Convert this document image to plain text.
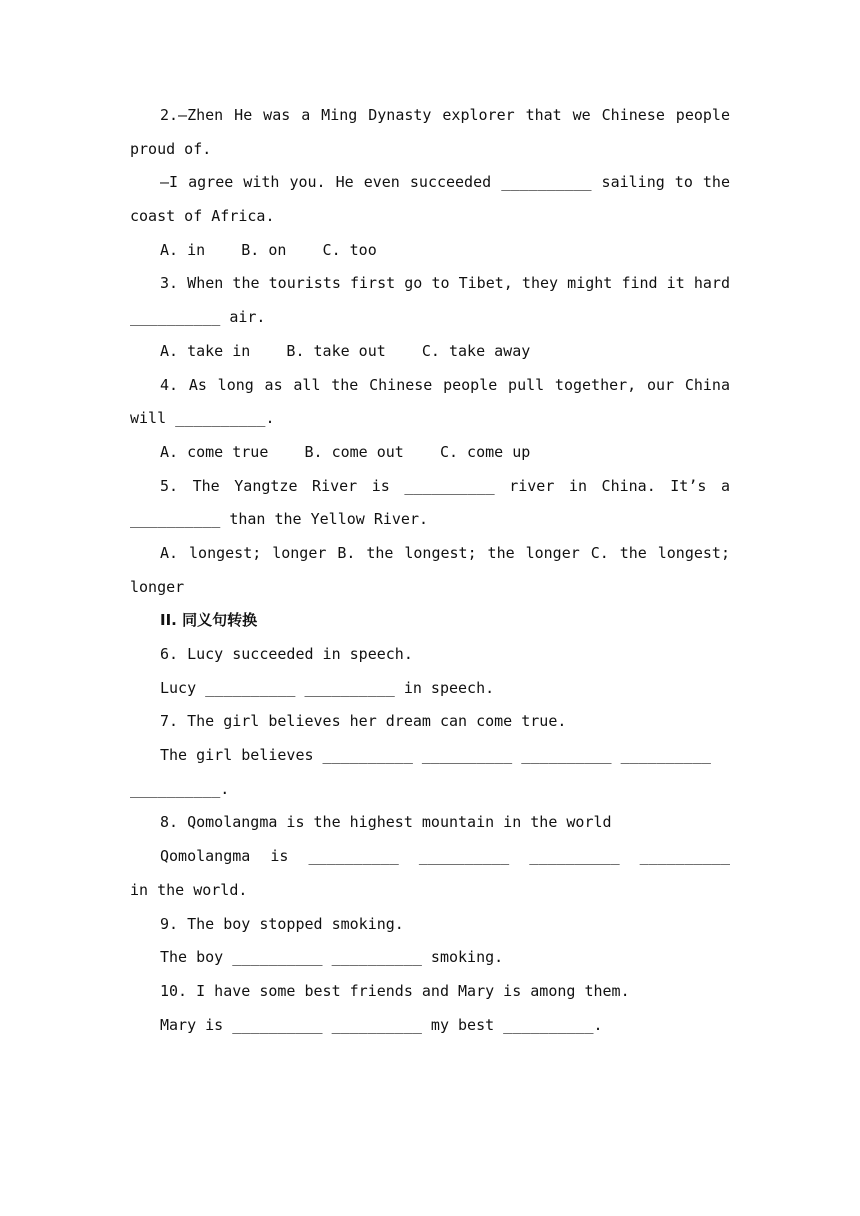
2.—Zhen He was a Ming Dynasty explorer that we Chinese people
proud of.
—I agree with you. He even succeeded __________ sailing to the
coast of Africa.
A. in    B. on    C. too
3. When the tourists first go to Tibet, they might find it hard
__________ air.
A. take in    B. take out    C. take away
4. As long as all the Chinese people pull together, our China
will __________.
A. come true    B. come out    C. come up
5. The Yangtze River is __________ river in China. It’s a
__________ than the Yellow River.
A. longest; longer B. the longest; the longer C. the longest;
longer
II. 同义句转换
6. Lucy succeeded in speech.
Lucy __________ __________ in speech.
7. The girl believes her dream can come true.
The girl believes __________ __________ __________ __________
__________.
8. Qomolangma is the highest mountain in the world
Qomolangma is __________ __________ __________ __________
in the world.
9. The boy stopped smoking.
The boy __________ __________ smoking.
10. I have some best friends and Mary is among them.
Mary is __________ __________ my best __________.
